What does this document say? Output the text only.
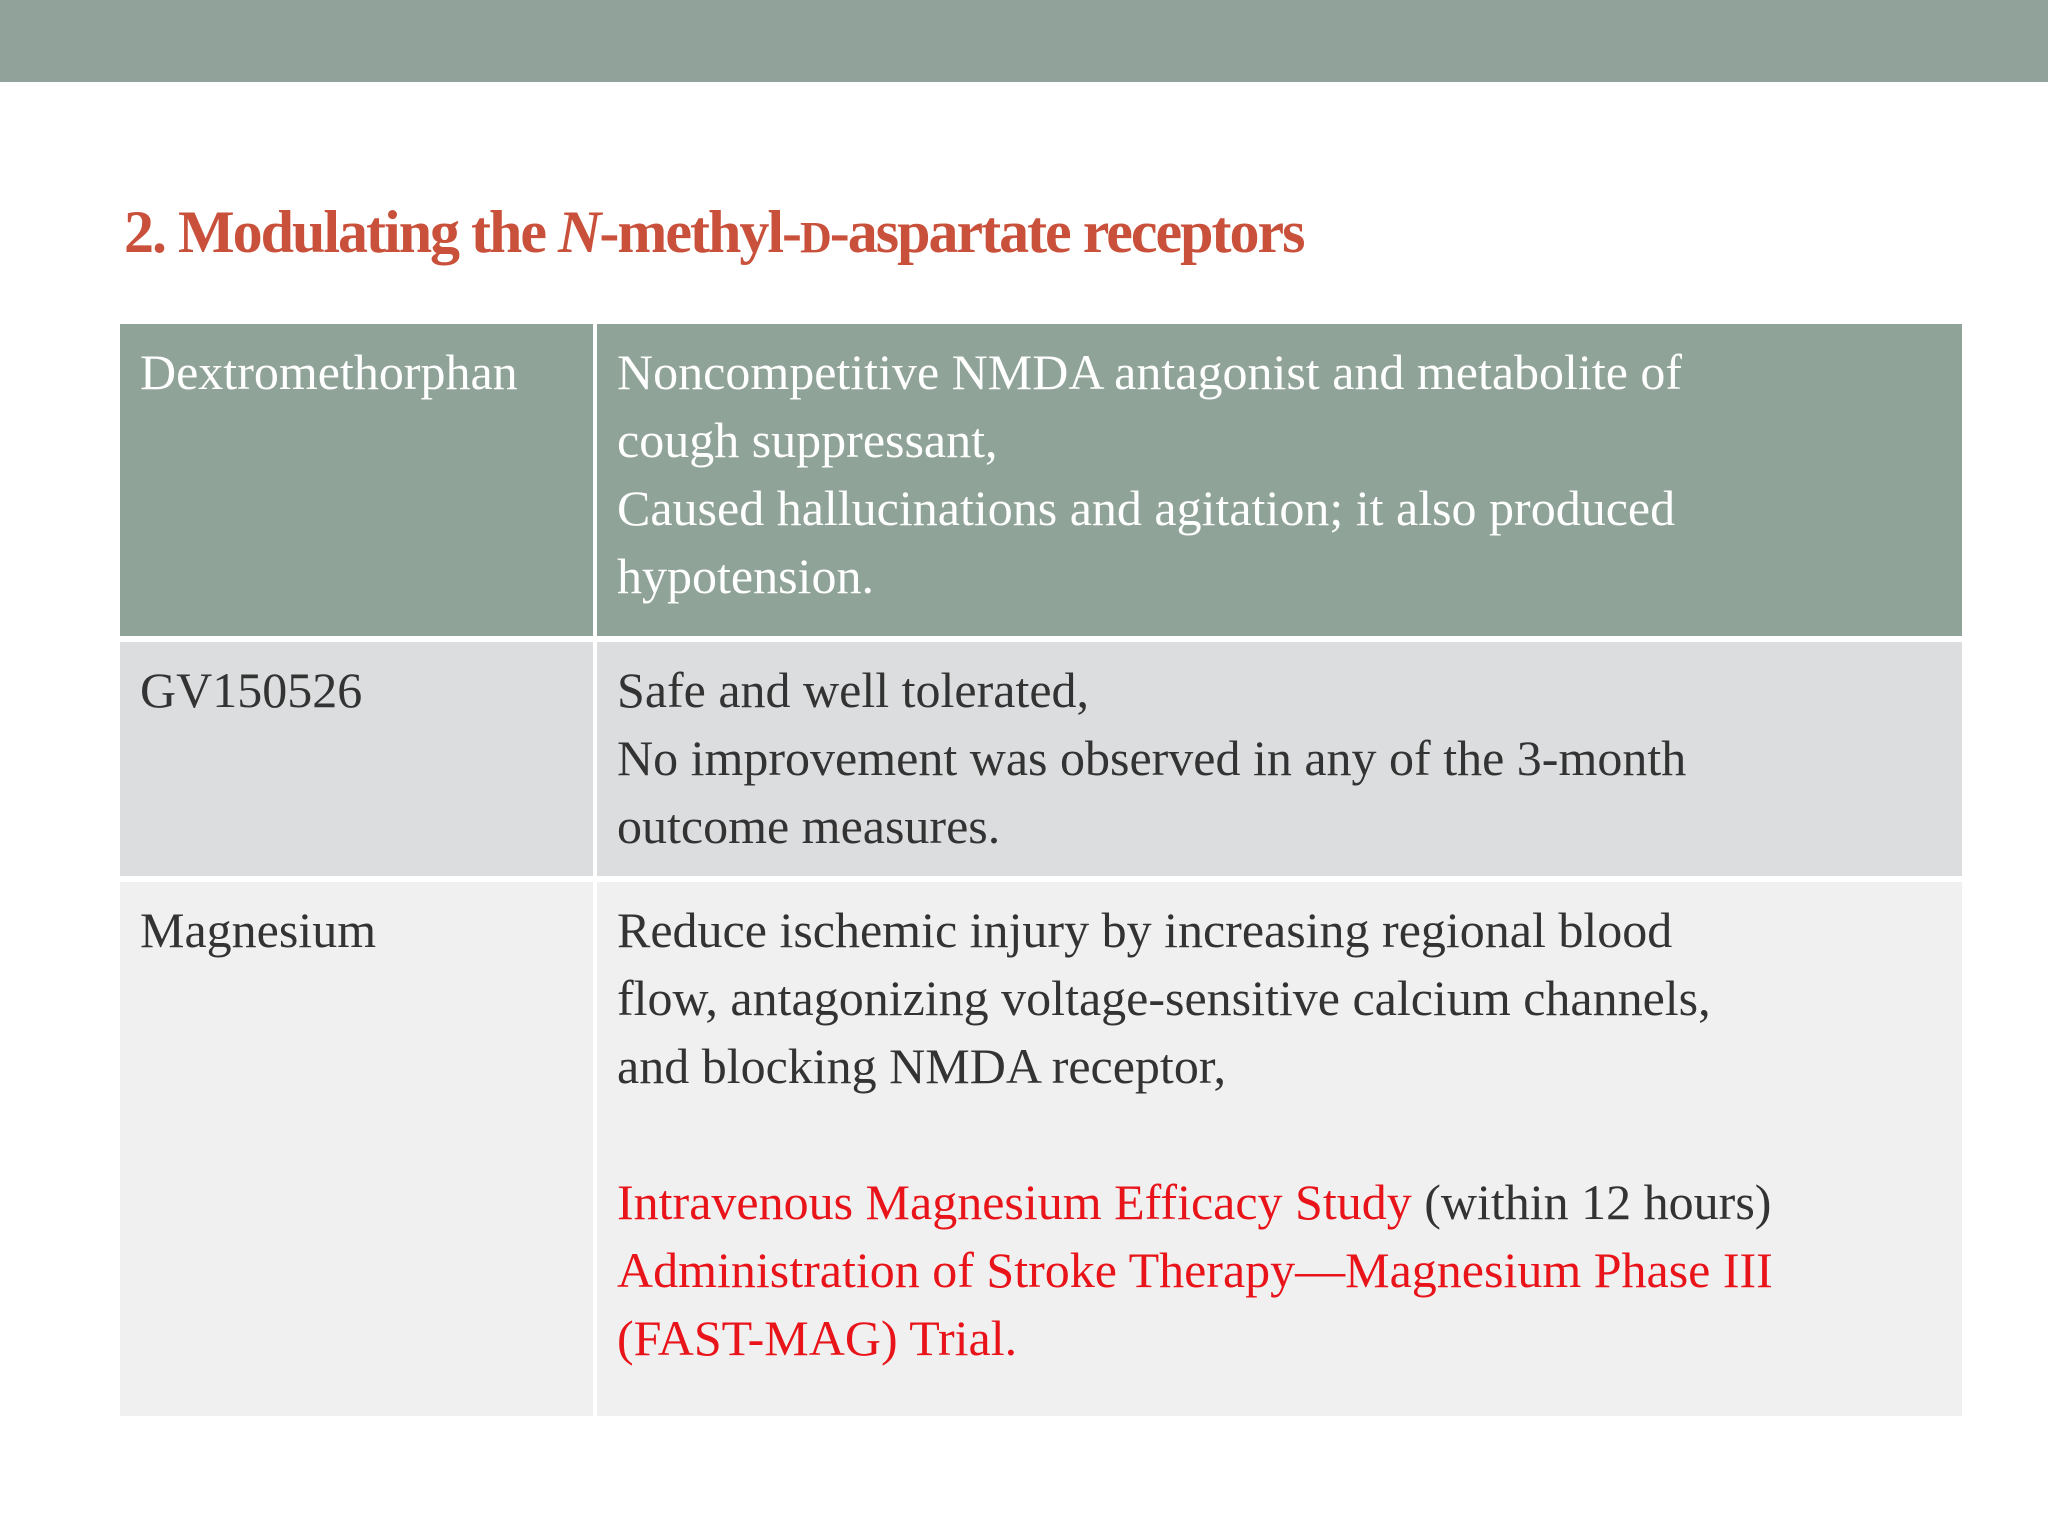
2. Modulating the N-methyl-D-aspartate receptors
Dextromethorphan	Noncompetitive NMDA antagonist and metabolite of
cough suppressant,
Caused hallucinations and agitation; it also produced
hypotension.
GV150526	Safe and well tolerated,
No improvement was observed in any of the 3-month
outcome measures.
Magnesium	Reduce ischemic injury by increasing regional blood
flow, antagonizing voltage-sensitive calcium channels,
and blocking NMDA receptor,
Intravenous Magnesium Efficacy Study (within 12 hours)
Administration of Stroke Therapy—Magnesium Phase III
(FAST-MAG) Trial.
